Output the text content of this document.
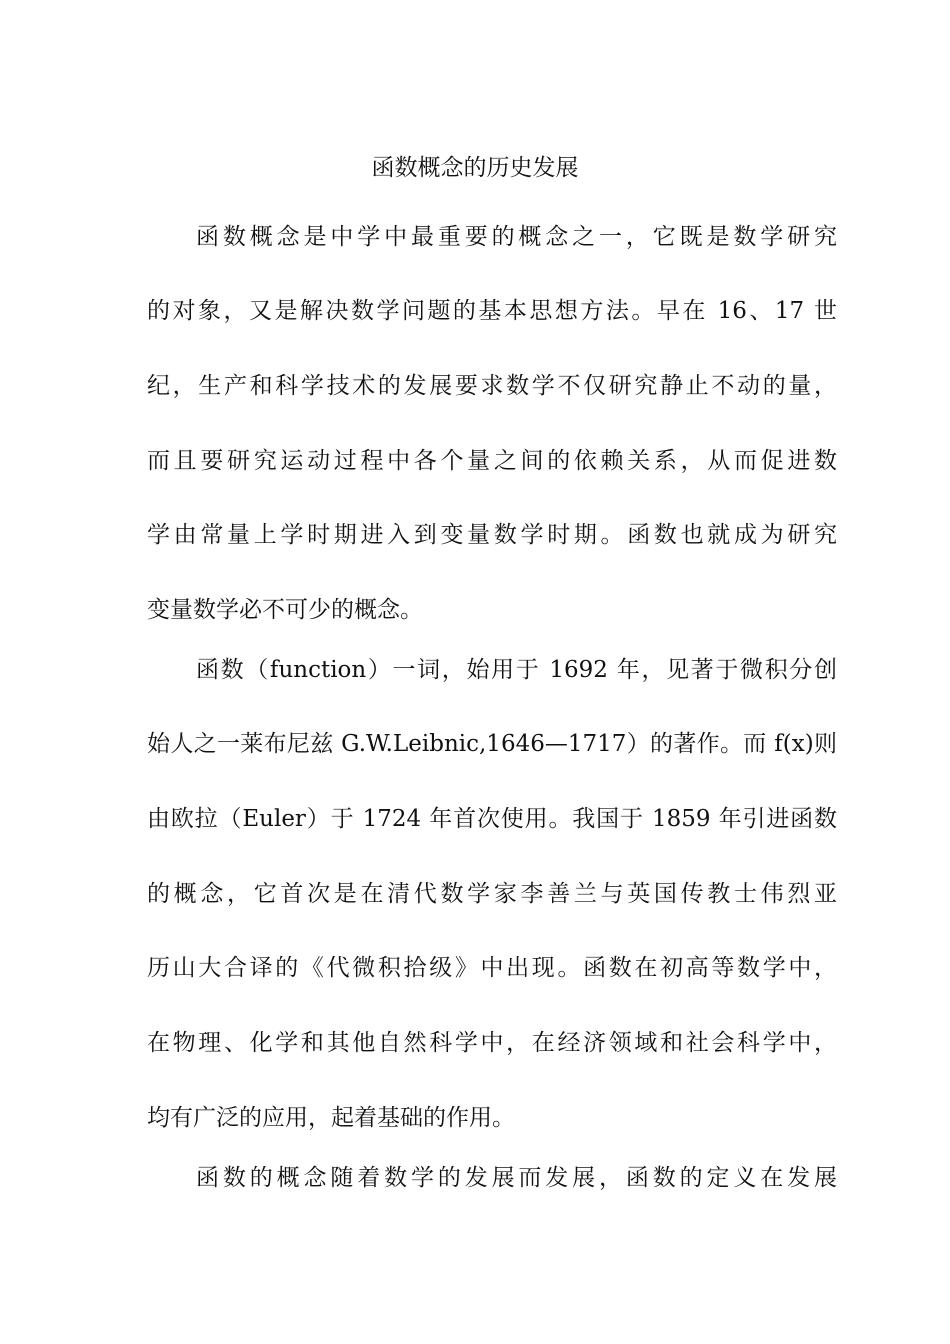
函数概念的历史发展

函数概念是中学中最重要的概念之一，它既是数学研究

的对象，又是解决数学问题的基本思想方法。早在 16、17 世

纪，生产和科学技术的发展要求数学不仅研究静止不动的量，

而且要研究运动过程中各个量之间的依赖关系，从而促进数

学由常量上学时期进入到变量数学时期。函数也就成为研究

变量数学必不可少的概念。

函数（function）一词，始用于 1692 年，见著于微积分创

始人之一莱布尼兹 G.W.Leibnic,1646—1717）的著作。而 f(x)则

由欧拉（Euler）于 1724 年首次使用。我国于 1859 年引进函数

的概念，它首次是在清代数学家李善兰与英国传教士伟烈亚

历山大合译的《代微积拾级》中出现。函数在初高等数学中，

在物理、化学和其他自然科学中，在经济领域和社会科学中，

均有广泛的应用，起着基础的作用。

函数的概念随着数学的发展而发展，函数的定义在发展
